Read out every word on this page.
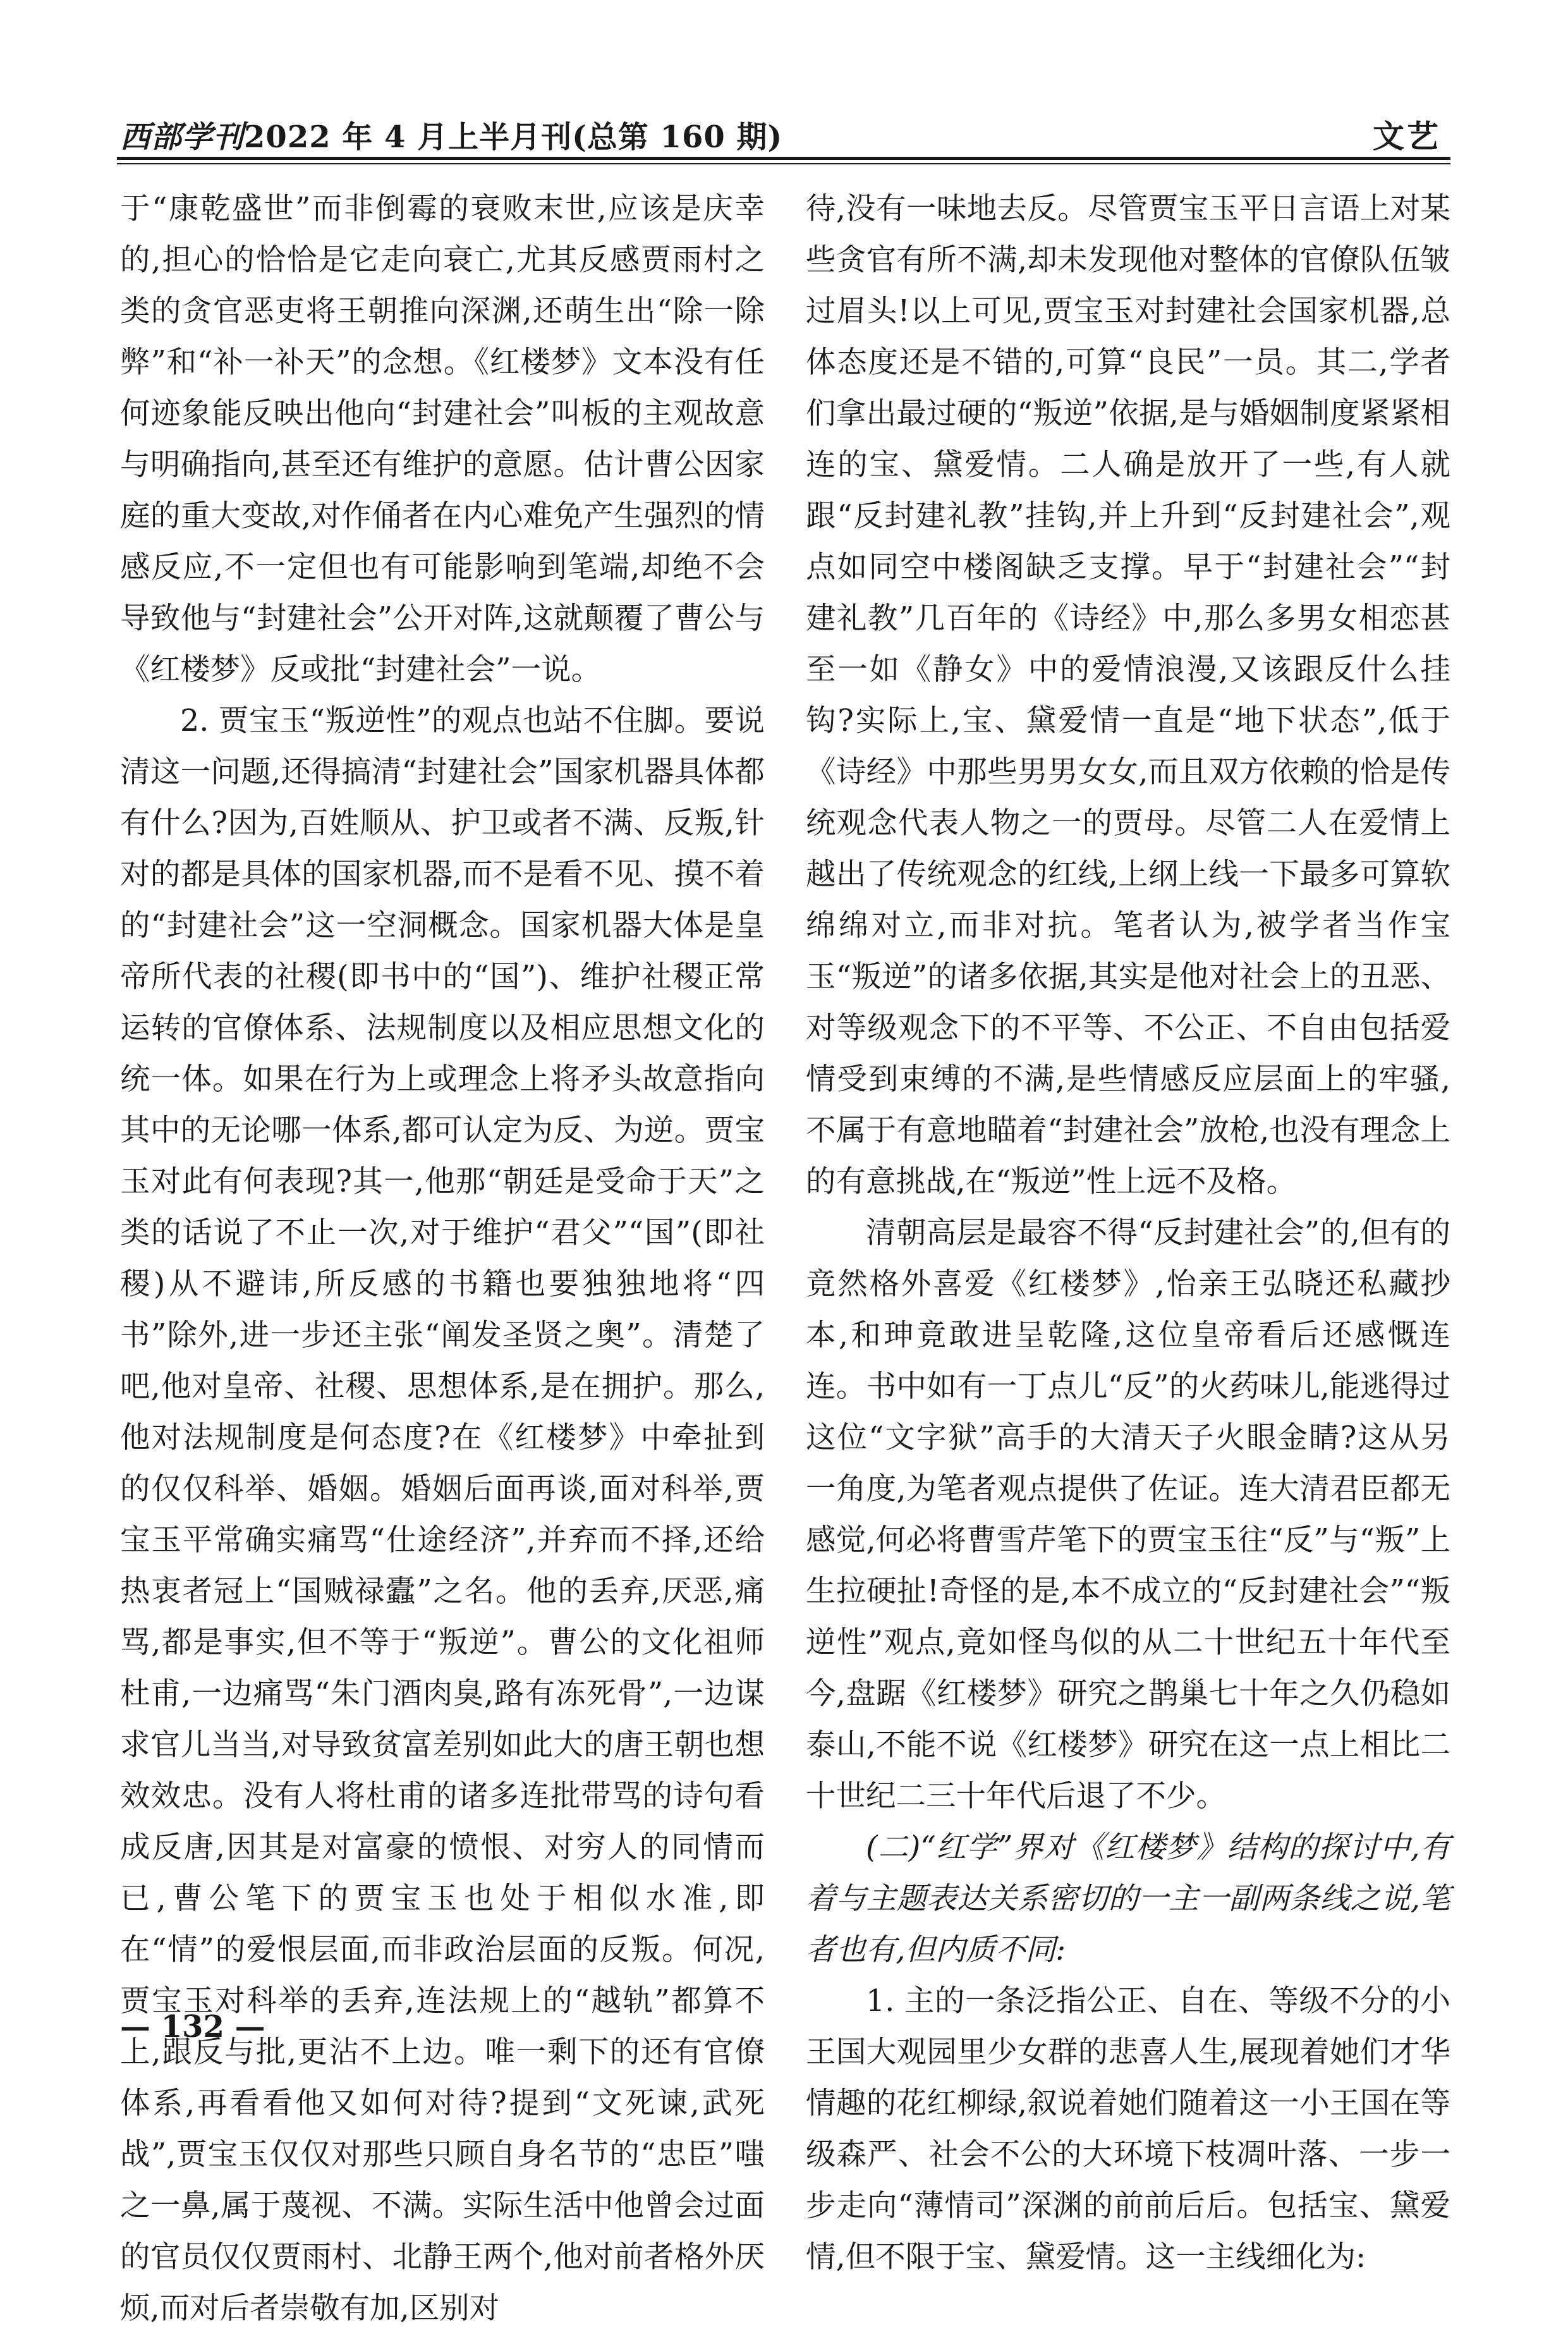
西部学刊2022 年 4 月上半月刊(总第 160 期)	文艺

于“康乾盛世”而非倒霉的衰败末世,应该是庆幸的,担心的恰恰是它走向衰亡,尤其反感贾雨村之类的贪官恶吏将王朝推向深渊,还萌生出“除一除弊”和“补一补天”的念想。《红楼梦》文本没有任何迹象能反映出他向“封建社会”叫板的主观故意与明确指向,甚至还有维护的意愿。估计曹公因家庭的重大变故,对作俑者在内心难免产生强烈的情感反应,不一定但也有可能影响到笔端,却绝不会导致他与“封建社会”公开对阵,这就颠覆了曹公与《红楼梦》反或批“封建社会”一说。

2. 贾宝玉“叛逆性”的观点也站不住脚。要说清这一问题,还得搞清“封建社会”国家机器具体都有什么?因为,百姓顺从、护卫或者不满、反叛,针对的都是具体的国家机器,而不是看不见、摸不着的“封建社会”这一空洞概念。国家机器大体是皇帝所代表的社稷(即书中的“国”)、维护社稷正常运转的官僚体系、法规制度以及相应思想文化的统一体。如果在行为上或理念上将矛头故意指向其中的无论哪一体系,都可认定为反、为逆。贾宝玉对此有何表现?其一,他那“朝廷是受命于天”之类的话说了不止一次,对于维护“君父”“国”(即社稷)从不避讳,所反感的书籍也要独独地将“四书”除外,进一步还主张“阐发圣贤之奥”。清楚了吧,他对皇帝、社稷、思想体系,是在拥护。那么,他对法规制度是何态度?在《红楼梦》中牵扯到的仅仅科举、婚姻。婚姻后面再谈,面对科举,贾宝玉平常确实痛骂“仕途经济”,并弃而不择,还给热衷者冠上“国贼禄蠹”之名。他的丢弃,厌恶,痛骂,都是事实,但不等于“叛逆”。曹公的文化祖师杜甫,一边痛骂“朱门酒肉臭,路有冻死骨”,一边谋求官儿当当,对导致贫富差别如此大的唐王朝也想效效忠。没有人将杜甫的诸多连批带骂的诗句看成反唐,因其是对富豪的愤恨、对穷人的同情而已,曹公笔下的贾宝玉也处于相似水准,即在“情”的爱恨层面,而非政治层面的反叛。何况,贾宝玉对科举的丢弃,连法规上的“越轨”都算不上,跟反与批,更沾不上边。唯一剩下的还有官僚体系,再看看他又如何对待?提到“文死谏,武死战”,贾宝玉仅仅对那些只顾自身名节的“忠臣”嗤之一鼻,属于蔑视、不满。实际生活中他曾会过面的官员仅仅贾雨村、北静王两个,他对前者格外厌烦,而对后者崇敬有加,区别对

待,没有一味地去反。尽管贾宝玉平日言语上对某些贪官有所不满,却未发现他对整体的官僚队伍皱过眉头!以上可见,贾宝玉对封建社会国家机器,总体态度还是不错的,可算“良民”一员。其二,学者们拿出最过硬的“叛逆”依据,是与婚姻制度紧紧相连的宝、黛爱情。二人确是放开了一些,有人就跟“反封建礼教”挂钩,并上升到“反封建社会”,观点如同空中楼阁缺乏支撑。早于“封建社会”“封建礼教”几百年的《诗经》中,那么多男女相恋甚至一如《静女》中的爱情浪漫,又该跟反什么挂钩?实际上,宝、黛爱情一直是“地下状态”,低于《诗经》中那些男男女女,而且双方依赖的恰是传统观念代表人物之一的贾母。尽管二人在爱情上越出了传统观念的红线,上纲上线一下最多可算软绵绵对立,而非对抗。笔者认为,被学者当作宝玉“叛逆”的诸多依据,其实是他对社会上的丑恶、对等级观念下的不平等、不公正、不自由包括爱情受到束缚的不满,是些情感反应层面上的牢骚,不属于有意地瞄着“封建社会”放枪,也没有理念上的有意挑战,在“叛逆”性上远不及格。

清朝高层是最容不得“反封建社会”的,但有的竟然格外喜爱《红楼梦》,怡亲王弘晓还私藏抄本,和珅竟敢进呈乾隆,这位皇帝看后还感慨连连。书中如有一丁点儿“反”的火药味儿,能逃得过这位“文字狱”高手的大清天子火眼金睛?这从另一角度,为笔者观点提供了佐证。连大清君臣都无感觉,何必将曹雪芹笔下的贾宝玉往“反”与“叛”上生拉硬扯!奇怪的是,本不成立的“反封建社会”“叛逆性”观点,竟如怪鸟似的从二十世纪五十年代至今,盘踞《红楼梦》研究之鹊巢七十年之久仍稳如泰山,不能不说《红楼梦》研究在这一点上相比二十世纪二三十年代后退了不少。

(二)“红学”界对《红楼梦》结构的探讨中,有着与主题表达关系密切的一主一副两条线之说,笔者也有,但内质不同:

1. 主的一条泛指公正、自在、等级不分的小王国大观园里少女群的悲喜人生,展现着她们才华情趣的花红柳绿,叙说着她们随着这一小王国在等级森严、社会不公的大环境下枝凋叶落、一步一步走向“薄情司”深渊的前前后后。包括宝、黛爱情,但不限于宝、黛爱情。这一主线细化为:

— 132 —
